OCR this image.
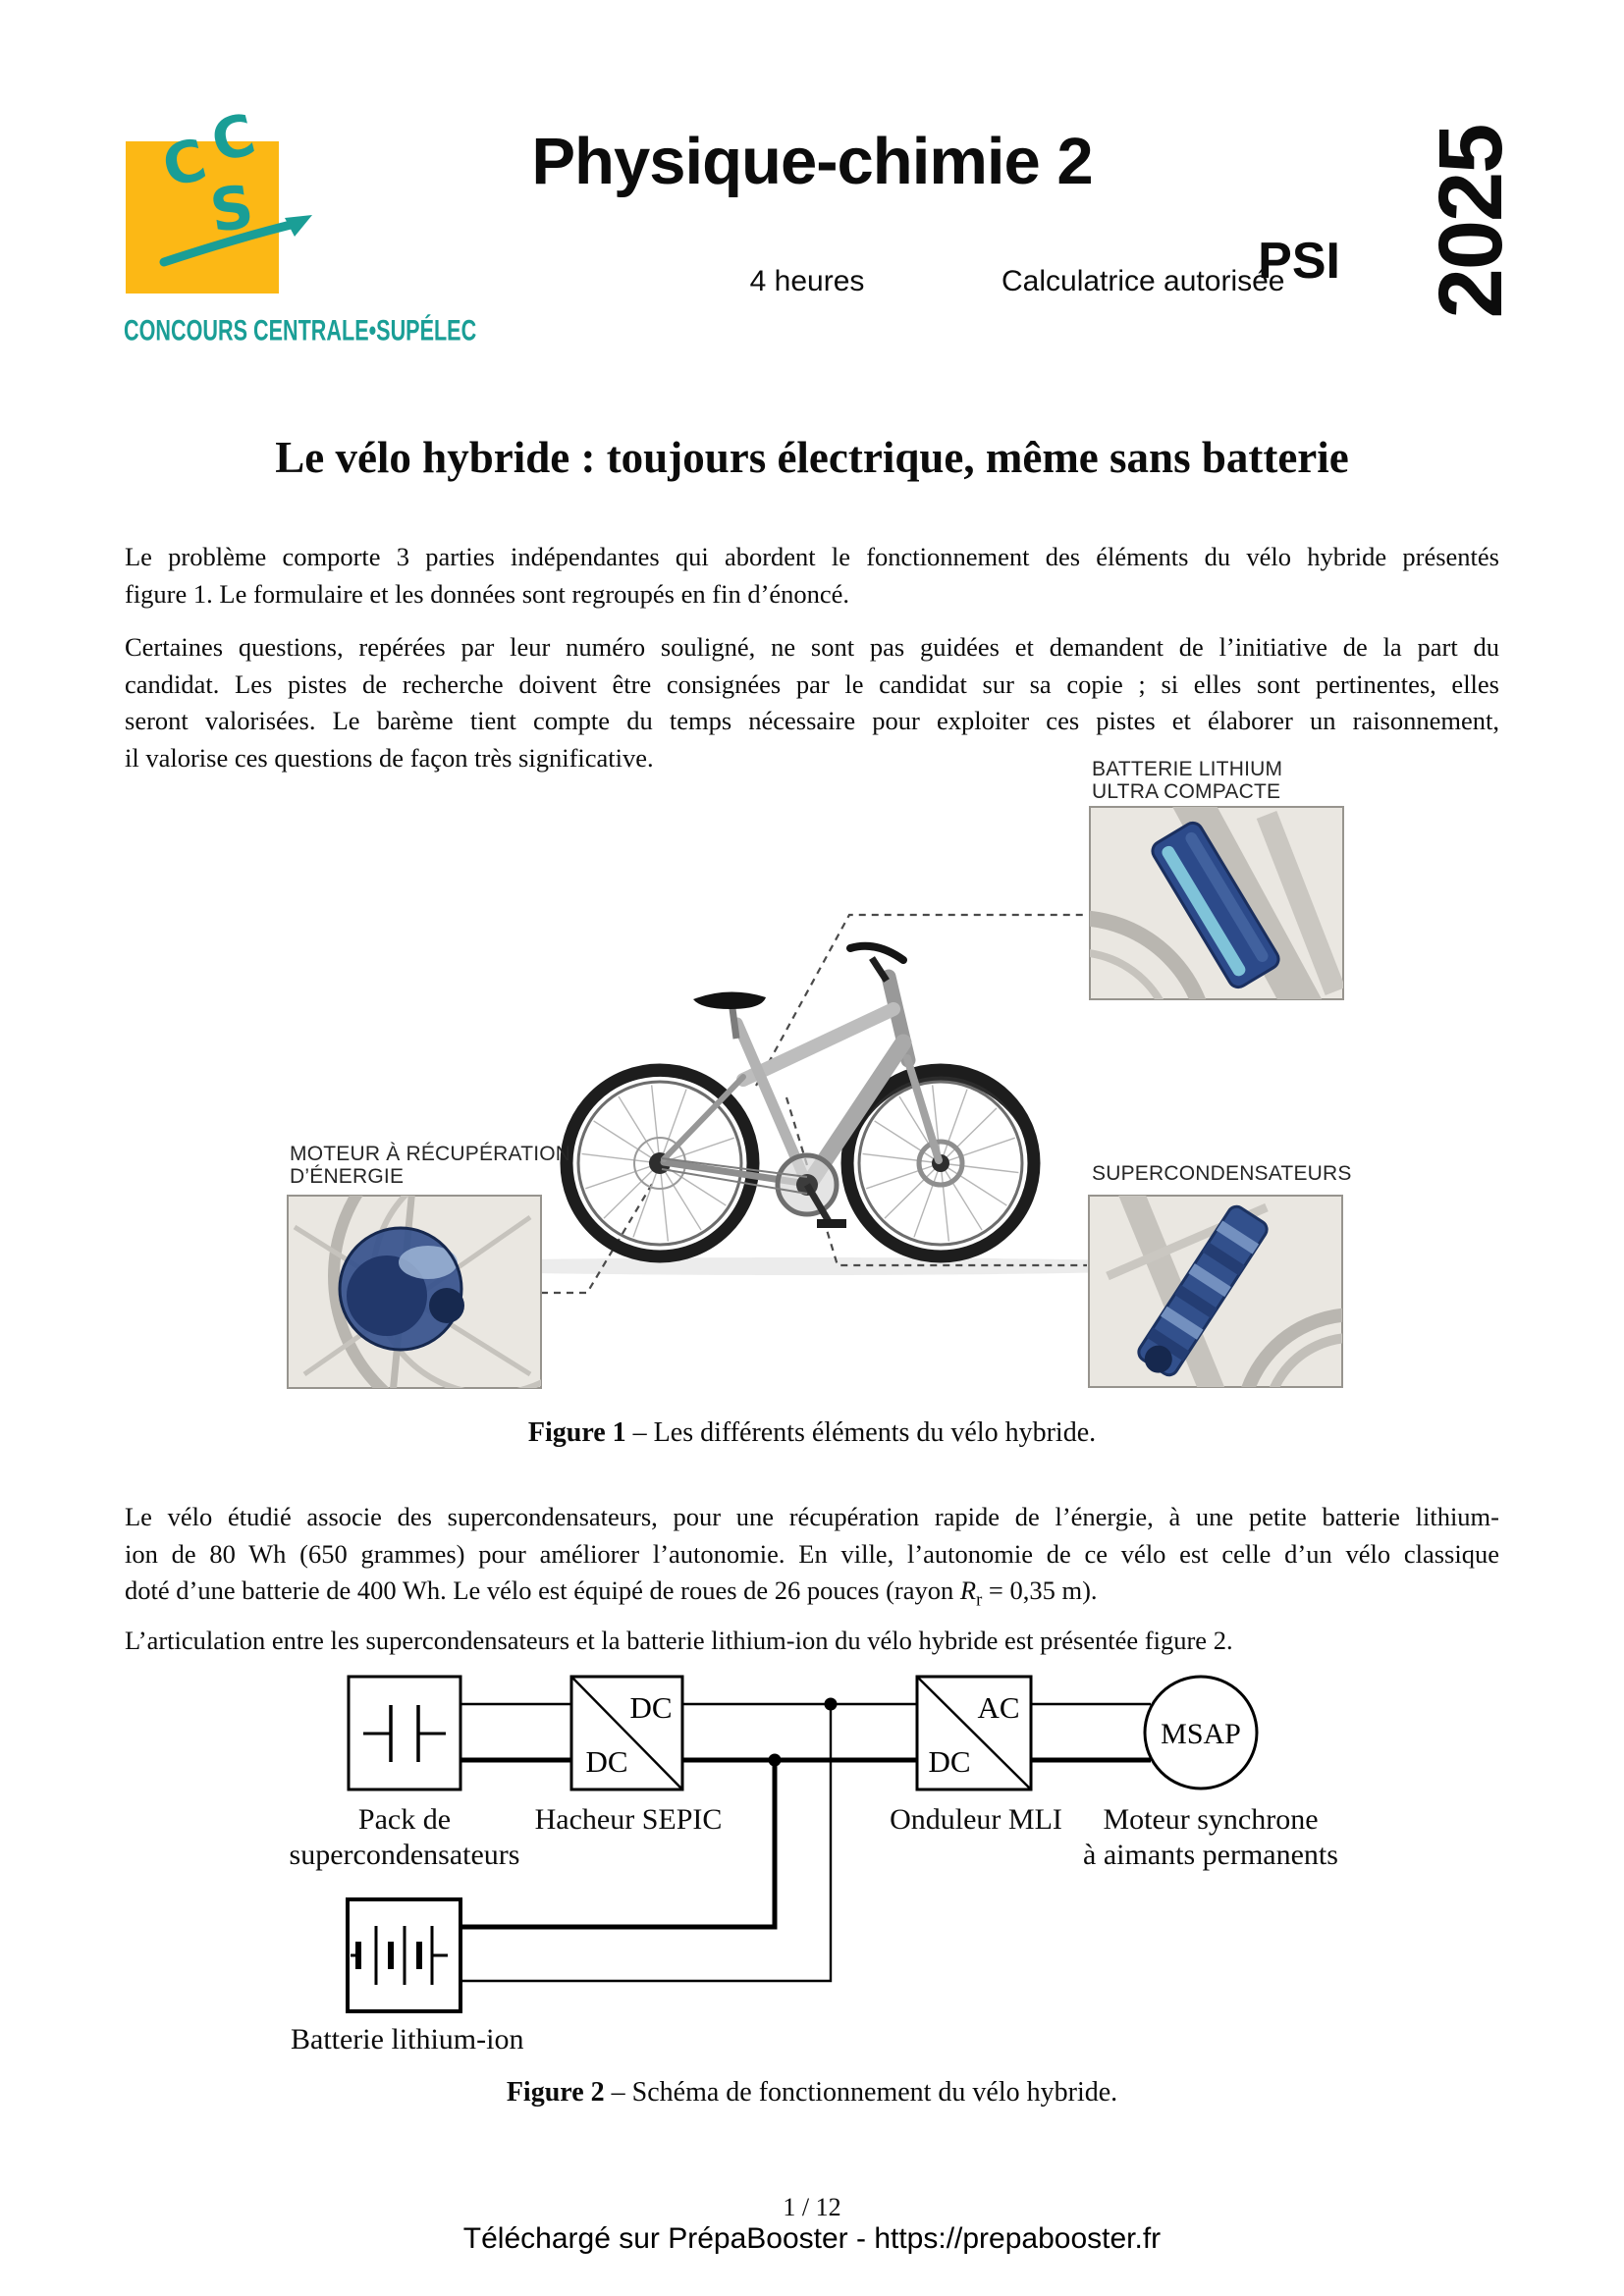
C
C
S
CONCOURS CENTRALE•SUPÉLEC
Physique-chimie 2
PSI 2025
4 heures	Calculatrice autorisée
Le vélo hybride : toujours électrique, même sans batterie
Le problème comporte 3 parties indépendantes qui abordent le fonctionnement des éléments du vélo hybride présentés
figure 1. Le formulaire et les données sont regroupés en fin d’énoncé.
Certaines questions, repérées par leur numéro souligné, ne sont pas guidées et demandent de l’initiative de la part du
candidat. Les pistes de recherche doivent être consignées par le candidat sur sa copie ; si elles sont pertinentes, elles
seront valorisées. Le barème tient compte du temps nécessaire pour exploiter ces pistes et élaborer un raisonnement,
il valorise ces questions de façon très significative.	BATTERIE LITHIUM
ULTRA COMPACTE
MOTEUR À RÉCUPÉRATION
D’ÉNERGIE	SUPERCONDENSATEURS
Figure 1 – Les différents éléments du vélo hybride.
Le vélo étudié associe des supercondensateurs, pour une récupération rapide de l’énergie, à une petite batterie lithium-
ion de 80 Wh (650 grammes) pour améliorer l’autonomie. En ville, l’autonomie de ce vélo est celle d’un vélo classique
doté d’une batterie de 400 Wh. Le vélo est équipé de roues de 26 pouces (rayon $R_r = 0,35$ m).
L’articulation entre les supercondensateurs et la batterie lithium-ion du vélo hybride est présentée figure 2.
DC
DC
AC
DC
MSAP
Pack de
supercondensateurs
Hacheur SEPIC	Onduleur MLI	Moteur synchrone
à aimants permanents
Batterie lithium-ion
Figure 2 – Schéma de fonctionnement du vélo hybride.
1 / 12
Téléchargé sur PrépaBooster - https://prepabooster.fr
